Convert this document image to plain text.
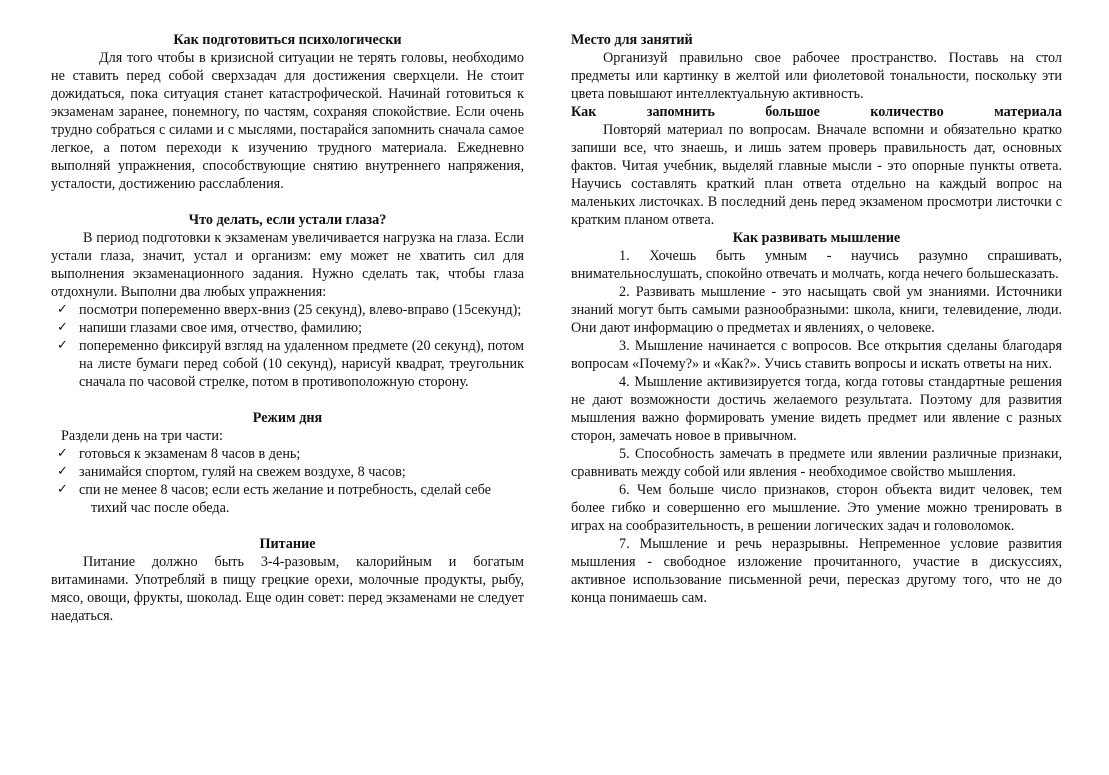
Как подготовиться психологически

Для того чтобы в кризисной ситуации не терять головы, необходимо не ставить перед собой сверхзадач для достижения сверхцели. Не стоит дожидаться, пока ситуация станет катастрофической. Начинай готовиться к экзаменам заранее, понемногу, по частям, сохраняя спокойствие. Если очень трудно собраться с силами и с мыслями, постарайся запомнить сначала самое легкое, а потом переходи к изучению трудного материала. Ежедневно выполняй упражнения, способствующие снятию внутреннего напряжения, усталости, достижению расслабления.

Что делать, если устали глаза?

В период подготовки к экзаменам увеличивается нагрузка на глаза. Если устали глаза, значит, устал и организм: ему может не хватить сил для выполнения экзаменационного задания. Нужно сделать так, чтобы глаза отдохнули. Выполни два любых упражнения:

✓ посмотри попеременно вверх-вниз (25 секунд), влево-вправо (15секунд);
✓ напиши глазами свое имя, отчество, фамилию;
✓ попеременно фиксируй взгляд на удаленном предмете (20 секунд), потом на листе бумаги перед собой (10 секунд), нарисуй квадрат, треугольник сначала по часовой стрелке, потом в противоположную сторону.
Режим дня
Раздели день на три части:
✓ готовься к экзаменам 8 часов в день;
✓ занимайся спортом, гуляй на свежем воздухе, 8 часов;
✓ спи не менее 8 часов; если есть желание и потребность, сделай себе
тихий час после обеда.
Питание

Питание должно быть 3-4-разовым, калорийным и богатым витаминами. Употребляй в пищу грецкие орехи, молочные продукты, рыбу, мясо, овощи, фрукты, шоколад. Еще один совет: перед экзаменами не следует наедаться.

Место для занятий

Организуй правильно свое рабочее пространство. Поставь на стол предметы или картинку в желтой или фиолетовой тональности, поскольку эти цвета повышают интеллектуальную активность.

Как запомнить большое количество материала

Повторяй материал по вопросам. Вначале вспомни и обязательно кратко запиши все, что знаешь, и лишь затем проверь правильность дат, основных фактов. Читая учебник, выделяй главные мысли - это опорные пункты ответа. Научись составлять краткий план ответа отдельно на каждый вопрос на маленьких листочках. В последний день перед экзаменом просмотри листочки с кратким планом ответа.

Как развивать мышление

1. Хочешь быть умным - научись разумно спрашивать, внимательнослушать, спокойно отвечать и молчать, когда нечего большесказать.

2. Развивать мышление - это насыщать свой ум знаниями. Источники знаний могут быть самыми разнообразными: школа, книги, телевидение, люди. Они дают информацию о предметах и явлениях, о человеке.

3. Мышление начинается с вопросов. Все открытия сделаны благодаря вопросам «Почему?» и «Как?». Учись ставить вопросы и искать ответы на них.

4. Мышление активизируется тогда, когда готовы стандартные решения не дают возможности достичь желаемого результата. Поэтому для развития мышления важно формировать умение видеть предмет или явление с разных сторон, замечать новое в привычном.

5. Способность замечать в предмете или явлении различные признаки, сравнивать между собой или явления - необходимое свойство мышления.

6. Чем больше число признаков, сторон объекта видит человек, тем более гибко и совершенно его мышление. Это умение можно тренировать в играх на сообразительность, в решении логических задач и головоломок.

7. Мышление и речь неразрывны. Непременное условие развития мышления - свободное изложение прочитанного, участие в дискуссиях, активное использование письменной речи, пересказ другому того, что не до конца понимаешь сам.
